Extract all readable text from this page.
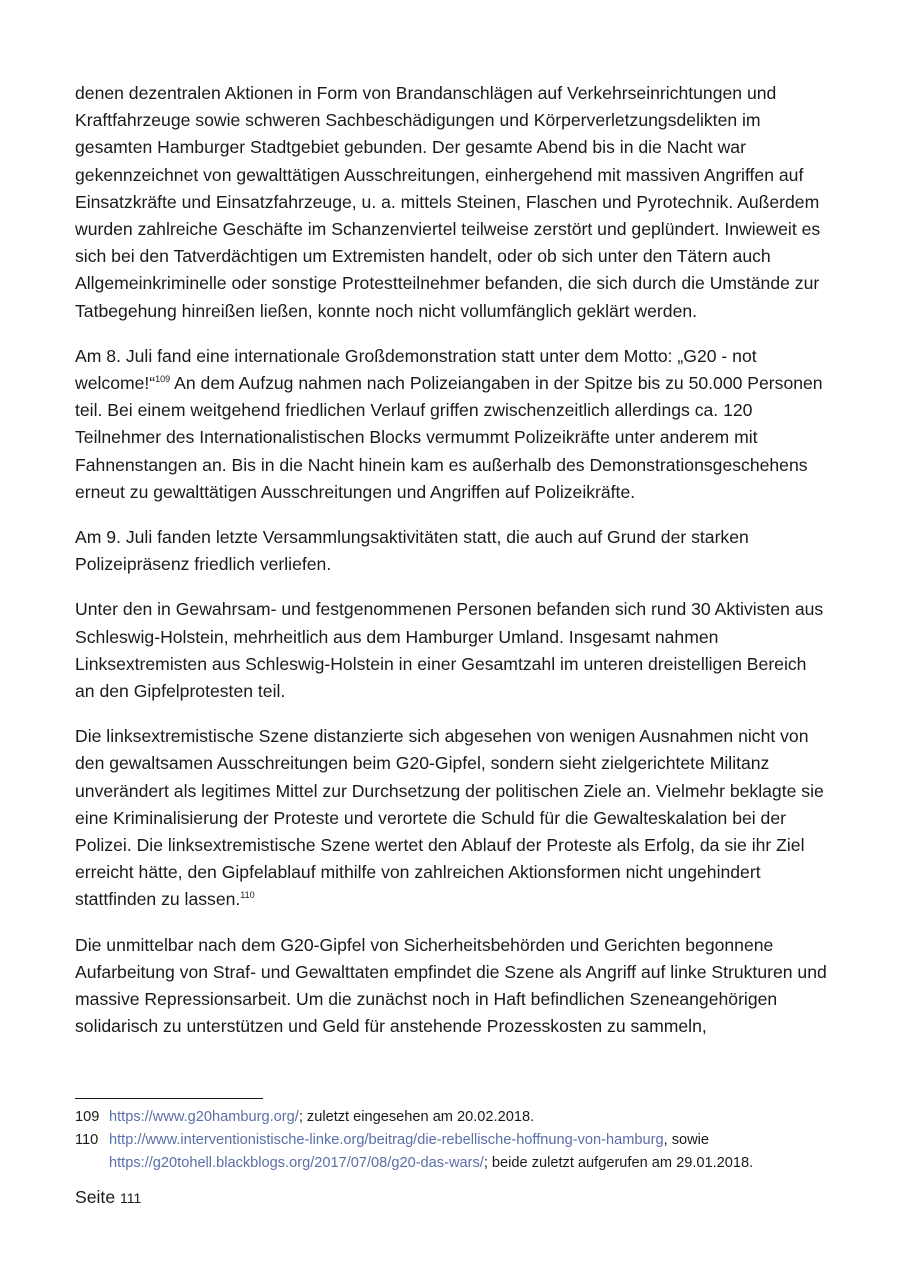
denen dezentralen Aktionen in Form von Brandanschlägen auf Verkehrseinrichtungen und Kraftfahrzeuge sowie schweren Sachbeschädigungen und Körperverletzungsdelikten im gesamten Hamburger Stadtgebiet gebunden. Der gesamte Abend bis in die Nacht war gekennzeichnet von gewalttätigen Ausschreitungen, einhergehend mit massiven Angriffen auf Einsatzkräfte und Einsatzfahrzeuge, u. a. mittels Steinen, Flaschen und Pyrotechnik. Außerdem wurden zahlreiche Geschäfte im Schanzenviertel teilweise zerstört und geplündert. Inwieweit es sich bei den Tatverdächtigen um Extremisten handelt, oder ob sich unter den Tätern auch Allgemeinkriminelle oder sonstige Protestteilnehmer befanden, die sich durch die Umstände zur Tatbegehung hinreißen ließen, konnte noch nicht vollumfänglich geklärt werden.

Am 8. Juli fand eine internationale Großdemonstration statt unter dem Motto: „G20 - not welcome!“$^{109}$ An dem Aufzug nahmen nach Polizeiangaben in der Spitze bis zu 50.000 Personen teil. Bei einem weitgehend friedlichen Verlauf griffen zwischenzeitlich allerdings ca. 120 Teilnehmer des Internationalistischen Blocks vermummt Polizeikräfte unter anderem mit Fahnenstangen an. Bis in die Nacht hinein kam es außerhalb des Demonstrationsgeschehens erneut zu gewalttätigen Ausschreitungen und Angriffen auf Polizeikräfte.

Am 9. Juli fanden letzte Versammlungsaktivitäten statt, die auch auf Grund der starken Polizeipräsenz friedlich verliefen.

Unter den in Gewahrsam- und festgenommenen Personen befanden sich rund 30 Aktivisten aus Schleswig-Holstein, mehrheitlich aus dem Hamburger Umland. Insgesamt nahmen Linksextremisten aus Schleswig-Holstein in einer Gesamtzahl im unteren dreistelligen Bereich an den Gipfelprotesten teil.

Die linksextremistische Szene distanzierte sich abgesehen von wenigen Ausnahmen nicht von den gewaltsamen Ausschreitungen beim G20-Gipfel, sondern sieht zielgerichtete Militanz unverändert als legitimes Mittel zur Durchsetzung der politischen Ziele an. Vielmehr beklagte sie eine Kriminalisierung der Proteste und verortete die Schuld für die Gewalteskalation bei der Polizei. Die linksextremistische Szene wertet den Ablauf der Proteste als Erfolg, da sie ihr Ziel erreicht hätte, den Gipfelablauf mithilfe von zahlreichen Aktionsformen nicht ungehindert stattfinden zu lassen.$^{110}$

Die unmittelbar nach dem G20-Gipfel von Sicherheitsbehörden und Gerichten begonnene Aufarbeitung von Straf- und Gewalttaten empfindet die Szene als Angriff auf linke Strukturen und massive Repressionsarbeit. Um die zunächst noch in Haft befindlichen Szeneangehörigen solidarisch zu unterstützen und Geld für anstehende Prozesskosten zu sammeln,

109 https://www.g20hamburg.org/; zuletzt eingesehen am 20.02.2018.
110 http://www.interventionistische-linke.org/beitrag/die-rebellische-hoffnung-von-hamburg, sowie https://g20tohell.blackblogs.org/2017/07/08/g20-das-wars/; beide zuletzt aufgerufen am 29.01.2018.
Seite 111
